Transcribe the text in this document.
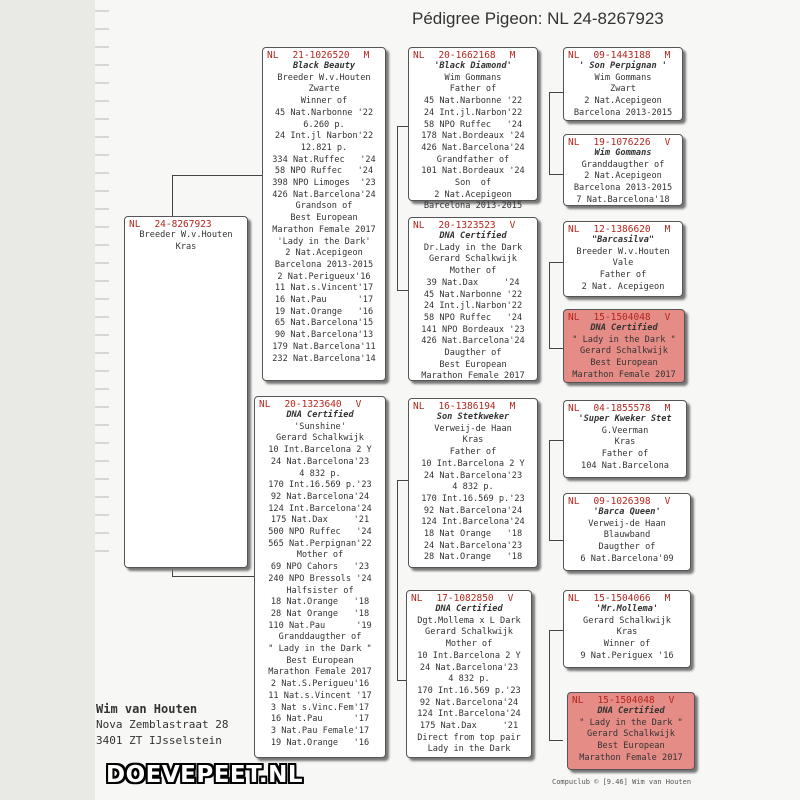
Pédigree Pigeon: NL 24-8267923
NL 24-8267923
Breeder W.v.Houten
Kras
NL 21-1026520 M
Black Beauty
Breeder W.v.Houten
Zwarte
Winner of
45 Nat.Narbonne '22
6.260 p.
24 Int.jl Narbon'22
12.821 p.
334 Nat.Ruffec   '24
58 NPO Ruffec   '24
398 NPO Limoges  '23
426 Nat.Barcelona'24
Grandson of
Best European
Marathon Female 2017
'Lady in the Dark'
2 Nat.Acepigeon
Barcelona 2013-2015
2 Nat.Perigueux'16
11 Nat.s.Vincent'17
16 Nat.Pau      '17
19 Nat.Orange   '16
65 Nat.Barcelona'15
90 Nat.Barcelona'13
179 Nat.Barcelona'11
232 Nat.Barcelona'14
NL 20-1323640 V
DNA Certified
'Sunshine'
Gerard Schalkwijk
10 Int.Barcelona 2 Y
24 Nat.Barcelona'23
4 832 p.
170 Int.16.569 p.'23
92 Nat.Barcelona'24
124 Int.Barcelona'24
175 Nat.Dax     '21
500 NPO Ruffec   '24
565 Nat.Perpignan'22
Mother of
69 NPO Cahors   '23
240 NPO Bressols '24
Halfsister of
18 Nat.Orange   '18
28 Nat Orange   '18
110 Nat.Pau      '19
Granddaugther of
" Lady in the Dark "
Best European
Marathon Female 2017
2 Nat.S.Perigueu'16
11 Nat.s.Vincent '17
3 Nat s.Vinc.Fem'17
16 Nat.Pau      '17
3 Nat.Pau Female'17
19 Nat.Orange   '16
NL 20-1662168 M
'Black Diamond'
Wim Gommans
Father of
45 Nat.Narbonne '22
24 Int.jl.Narbon'22
58 NPO Ruffec   '24
178 Nat.Bordeaux '24
426 Nat.Barcelona'24
Grandfather of
101 Nat.Bordeaux '24
Son  of
2 Nat.Acepigeon
Barcelona 2013-2015
NL 20-1323523 V
DNA Certified
Dr.Lady in the Dark
Gerard Schalkwijk
Mother of
39 Nat.Dax     '24
45 Nat.Narbonne '22
24 Int.jl.Narbon'22
58 NPO Ruffec   '24
141 NPO Bordeaux '23
426 Nat.Barcelona'24
Daugther of
Best European
Marathon Female 2017
NL 16-1386194 M
Son Stetkweker
Verweij-de Haan
Kras
Father of
10 Int.Barcelona 2 Y
24 Nat.Barcelona'23
4 832 p.
170 Int.16.569 p.'23
92 Nat.Barcelona'24
124 Int.Barcelona'24
18 Nat Orange   '18
24 Nat.Barcelona'23
28 Nat.Orange   '18
NL 17-1082850 V
DNA Certified
Dgt.Mollema x L Dark
Gerard Schalkwijk
Mother of
10 Int.Barcelona 2 Y
24 Nat.Barcelona'23
4 832 p.
170 Int.16.569 p.'23
92 Nat.Barcelona'24
124 Int.Barcelona'24
175 Nat.Dax     '21
Direct from top pair
Lady in the Dark
NL 09-1443188 M
' Son Perpignan '
Wim Gommans
Zwart
2 Nat.Acepigeon
Barcelona 2013-2015
NL 19-1076226 V
Wim Gommans
Granddaugther of
2 Nat.Acepigeon
Barcelona 2013-2015
7 Nat.Barcelona'18
NL 12-1386620 M
"Barcasilva"
Breeder W.v.Houten
Vale
Father of
2 Nat. Acepigeon
NL 15-1504048 V
DNA Certified
" Lady in the Dark "
Gerard Schalkwijk
Best European
Marathon Female 2017
NL 04-1855578 M
'Super Kweker Stet
G.Veerman
Kras
Father of
104 Nat.Barcelona
NL 09-1026398 V
'Barca Queen'
Verweij-de Haan
Blauwband
Daugther of
6 Nat.Barcelona'09
NL 15-1504066 M
'Mr.Mollema'
Gerard Schalkwijk
Kras
Winner of
9 Nat.Periguex '16
NL 15-1504048 V
DNA Certified
" Lady in the Dark "
Gerard Schalkwijk
Best European
Marathon Female 2017
Wim van Houten
Nova Zemblastraat 28
3401 ZT IJsselstein
Compuclub © [9.46] Wim van Houten
DOEVEPEET.NL
